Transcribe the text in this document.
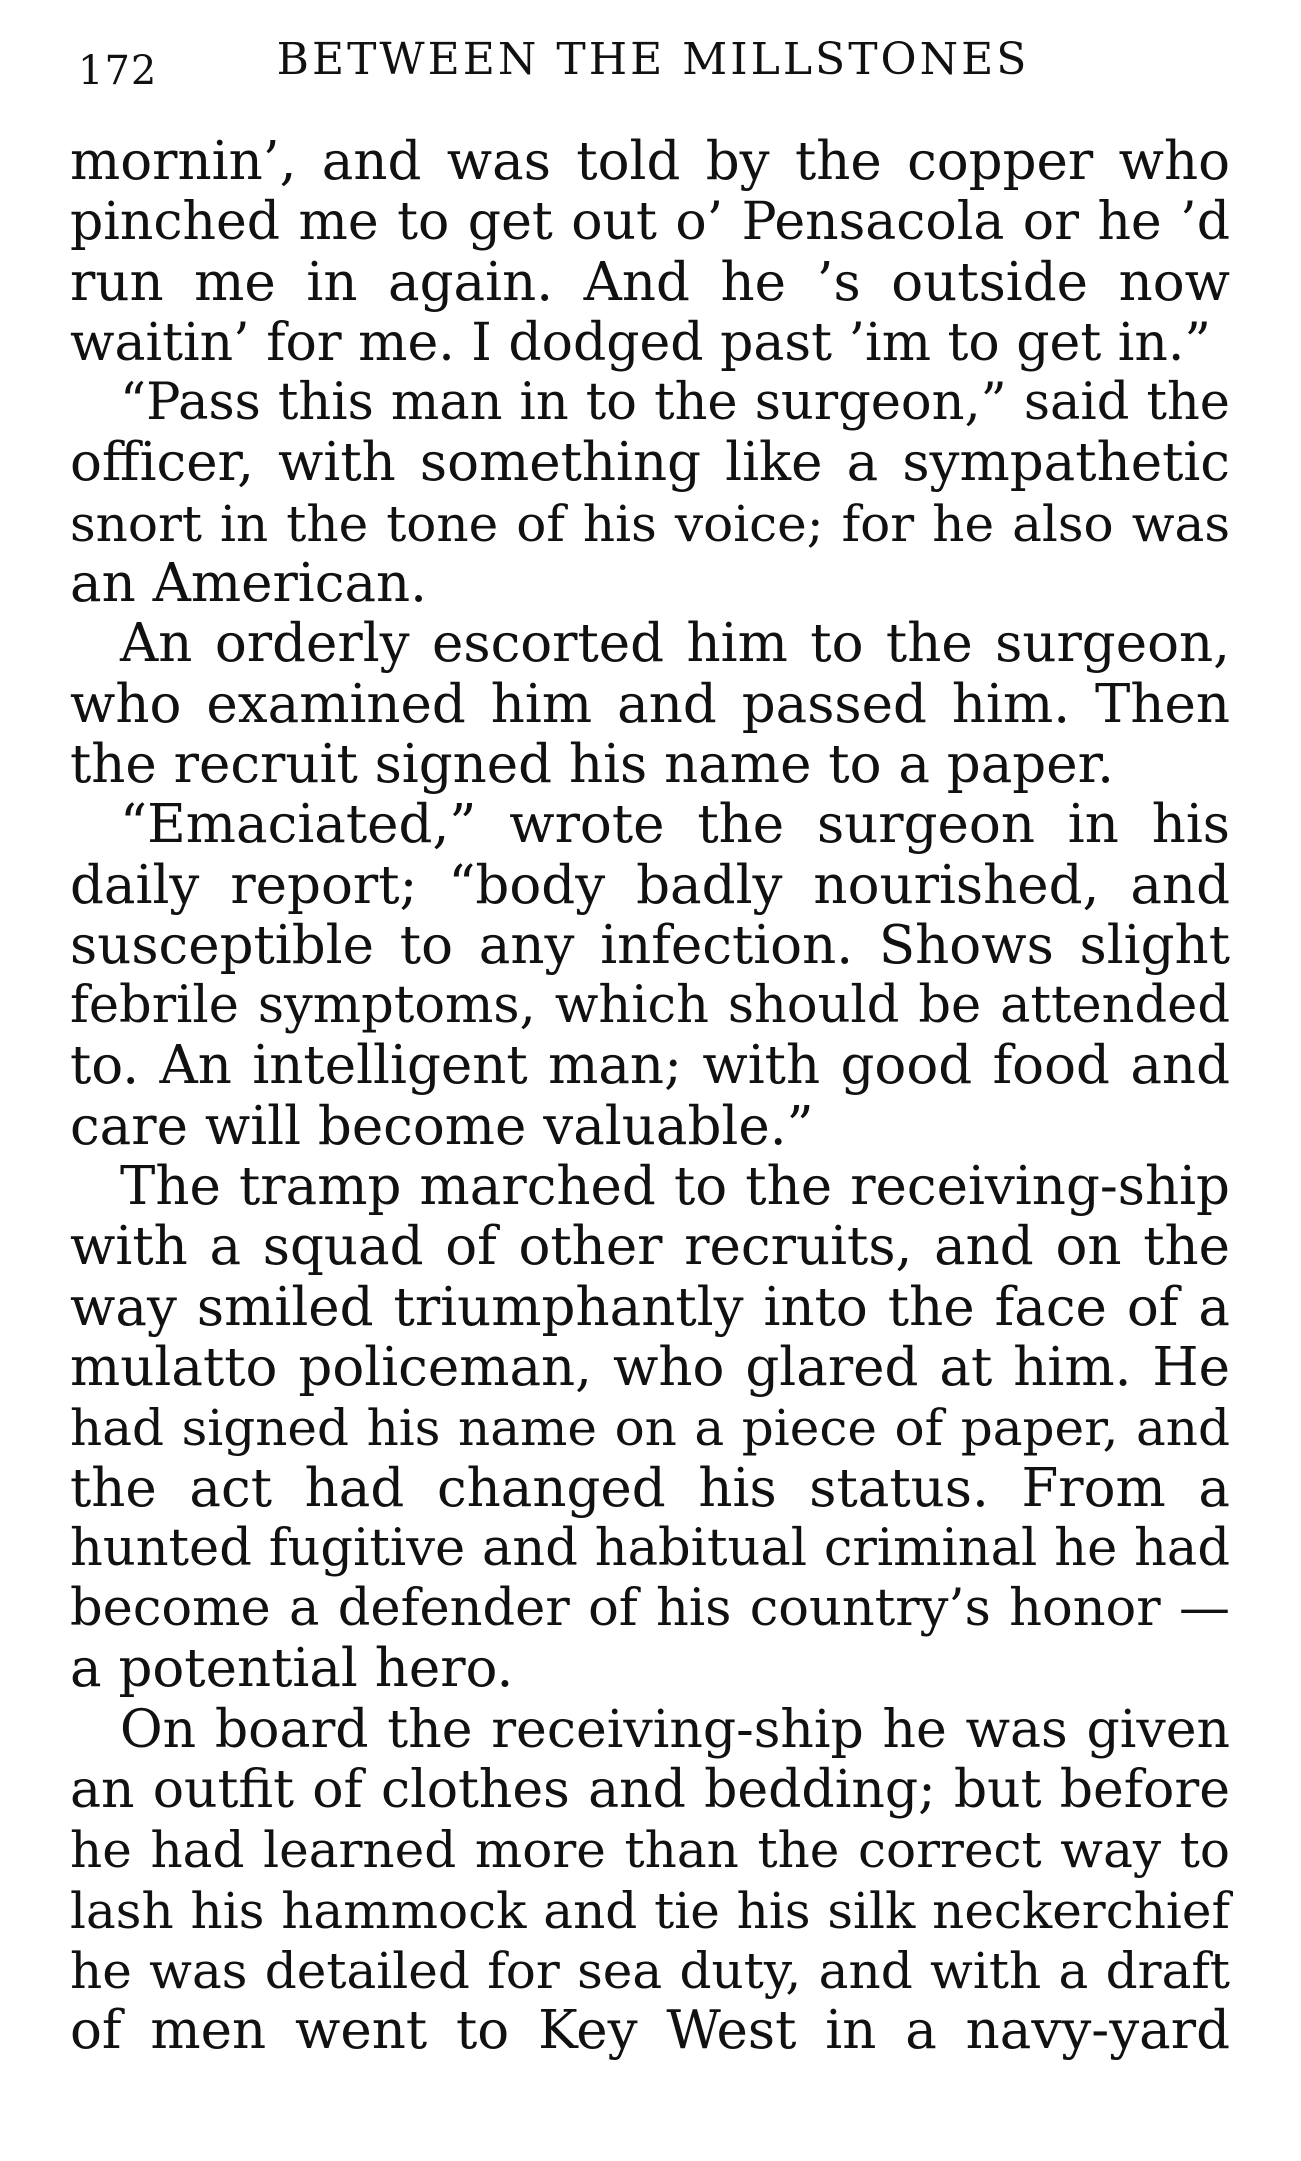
172	BETWEEN THE MILLSTONES
mornin’, and was told by the copper who
pinched me to get out o’ Pensacola or he ’d
run me in again. And he ’s outside now
waitin’ for me. I dodged past ’im to get in.”
“Pass this man in to the surgeon,” said the
officer, with something like a sympathetic
snort in the tone of his voice; for he also was
an American.
An orderly escorted him to the surgeon,
who examined him and passed him. Then
the recruit signed his name to a paper.
“Emaciated,” wrote the surgeon in his
daily report; “body badly nourished, and
susceptible to any infection. Shows slight
febrile symptoms, which should be attended
to. An intelligent man; with good food and
care will become valuable.”
The tramp marched to the receiving-ship
with a squad of other recruits, and on the
way smiled triumphantly into the face of a
mulatto policeman, who glared at him. He
had signed his name on a piece of paper, and
the act had changed his status. From a
hunted fugitive and habitual criminal he had
become a defender of his country’s honor —
a potential hero.
On board the receiving-ship he was given
an outfit of clothes and bedding; but before
he had learned more than the correct way to
lash his hammock and tie his silk neckerchief
he was detailed for sea duty, and with a draft
of men went to Key West in a navy-yard
